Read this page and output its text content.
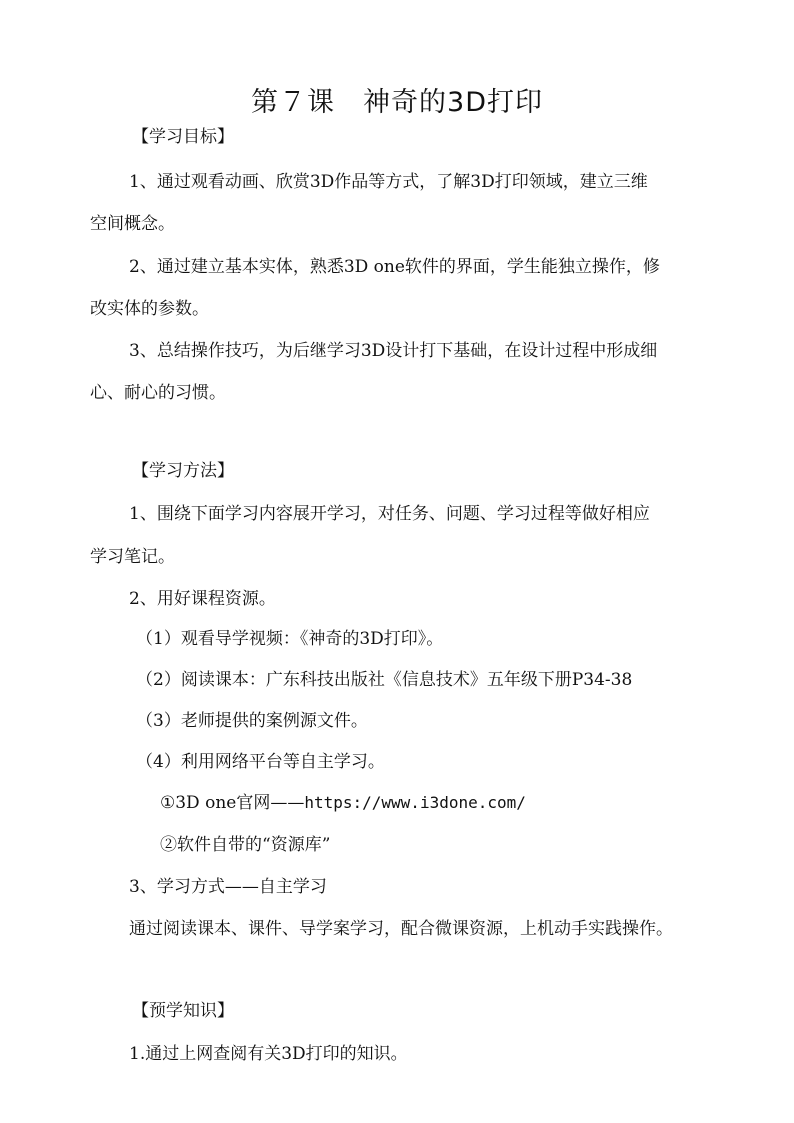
第７课　神奇的3D打印
【学习目标】
1、通过观看动画、欣赏3D作品等方式，了解3D打印领域，建立三维
空间概念。
2、通过建立基本实体，熟悉3D one软件的界面，学生能独立操作，修
改实体的参数。
3、总结操作技巧，为后继学习3D设计打下基础，在设计过程中形成细
心、耐心的习惯。
【学习方法】
1、围绕下面学习内容展开学习，对任务、问题、学习过程等做好相应
学习笔记。
2、用好课程资源。
（1）观看导学视频：《神奇的3D打印》。
（2）阅读课本：广东科技出版社《信息技术》五年级下册P34-38
（3）老师提供的案例源文件。
（4）利用网络平台等自主学习。
①3D one官网——https://www.i3done.com/
②软件自带的“资源库”
3、学习方式——自主学习
通过阅读课本、课件、导学案学习，配合微课资源，上机动手实践操作。
【预学知识】
1.通过上网查阅有关3D打印的知识。
